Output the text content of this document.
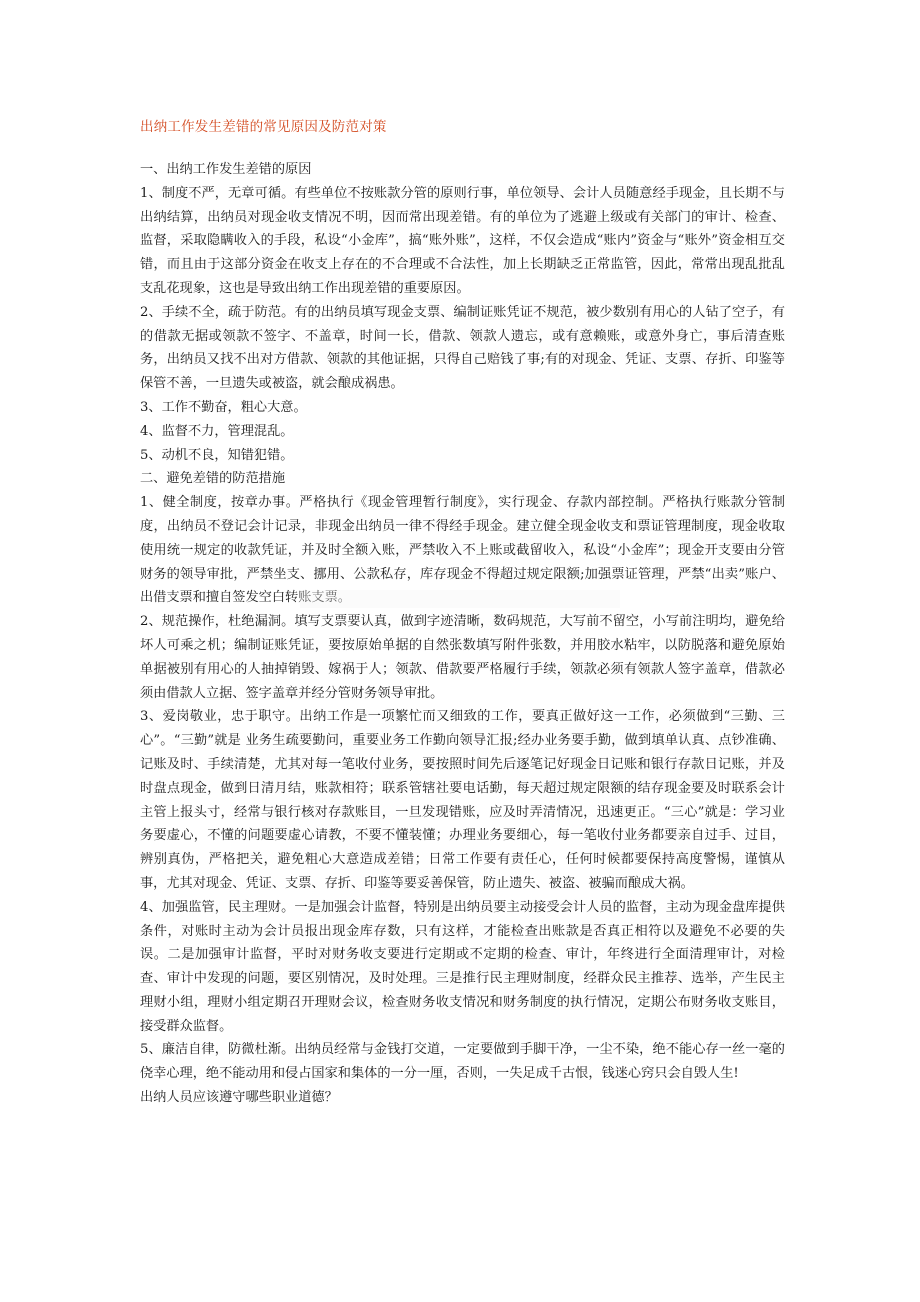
出纳工作发生差错的常见原因及防范对策

一、出纳工作发生差错的原因

1、制度不严，无章可循。有些单位不按账款分管的原则行事，单位领导、会计人员随意经手现金，且长期不与出纳结算，出纳员对现金收支情况不明，因而常出现差错。有的单位为了逃避上级或有关部门的审计、检查、监督，采取隐瞒收入的手段，私设“小金库”，搞“账外账”，这样，不仅会造成“账内”资金与“账外”资金相互交错，而且由于这部分资金在收支上存在的不合理或不合法性，加上长期缺乏正常监管，因此，常常出现乱批乱支乱花现象，这也是导致出纳工作出现差错的重要原因。

2、手续不全，疏于防范。有的出纳员填写现金支票、编制证账凭证不规范，被少数别有用心的人钻了空子，有的借款无据或领款不签字、不盖章，时间一长，借款、领款人遗忘，或有意赖账，或意外身亡，事后清查账务，出纳员又找不出对方借款、领款的其他证据，只得自己赔钱了事;有的对现金、凭证、支票、存折、印鉴等保管不善，一旦遗失或被盗，就会酿成祸患。

3、工作不勤奋，粗心大意。

4、监督不力，管理混乱。

5、动机不良，知错犯错。

二、避免差错的防范措施

1、健全制度，按章办事。严格执行《现金管理暂行制度》，实行现金、存款内部控制。严格执行账款分管制度，出纳员不登记会计记录，非现金出纳员一律不得经手现金。建立健全现金收支和票证管理制度，现金收取使用统一规定的收款凭证，并及时全额入账，严禁收入不上账或截留收入，私设“小金库”；现金开支要由分管财务的领导审批，严禁坐支、挪用、公款私存，库存现金不得超过规定限额;加强票证管理，严禁“出卖”账户、出借支票和擅自签发空白转账支票。

2、规范操作，杜绝漏洞。填写支票要认真，做到字迹清晰，数码规范，大写前不留空，小写前注明均，避免给坏人可乘之机；编制证账凭证，要按原始单据的自然张数填写附件张数，并用胶水粘牢，以防脱落和避免原始单据被别有用心的人抽掉销毁、嫁祸于人；领款、借款要严格履行手续，领款必须有领款人签字盖章，借款必须由借款人立据、签字盖章并经分管财务领导审批。

3、爱岗敬业，忠于职守。出纳工作是一项繁忙而又细致的工作，要真正做好这一工作，必须做到“三勤、三心”。“三勤”就是 业务生疏要勤问，重要业务工作勤向领导汇报;经办业务要手勤，做到填单认真、点钞准确、记账及时、手续清楚，尤其对每一笔收付业务，要按照时间先后逐笔记好现金日记账和银行存款日记账，并及时盘点现金，做到日清月结，账款相符；联系管辖社要电话勤，每天超过规定限额的结存现金要及时联系会计主管上报头寸，经常与银行核对存款账目，一旦发现错账，应及时弄清情况，迅速更正。“三心”就是：学习业务要虚心，不懂的问题要虚心请教，不要不懂装懂；办理业务要细心，每一笔收付业务都要亲自过手、过目，辨别真伪，严格把关，避免粗心大意造成差错；日常工作要有责任心，任何时候都要保持高度警惕，谨慎从事，尤其对现金、凭证、支票、存折、印鉴等要妥善保管，防止遗失、被盗、被骗而酿成大祸。

4、加强监管，民主理财。一是加强会计监督，特别是出纳员要主动接受会计人员的监督，主动为现金盘库提供条件，对账时主动为会计员报出现金库存数，只有这样，才能检查出账款是否真正相符以及避免不必要的失误。二是加强审计监督，平时对财务收支要进行定期或不定期的检查、审计，年终进行全面清理审计，对检查、审计中发现的问题，要区别情况，及时处理。三是推行民主理财制度，经群众民主推荐、选举，产生民主理财小组，理财小组定期召开理财会议，检查财务收支情况和财务制度的执行情况，定期公布财务收支账目，接受群众监督。

5、廉洁自律，防微杜渐。出纳员经常与金钱打交道，一定要做到手脚干净，一尘不染，绝不能心存一丝一毫的侥幸心理，绝不能动用和侵占国家和集体的一分一厘，否则，一失足成千古恨，钱迷心窍只会自毁人生!

出纳人员应该遵守哪些职业道德？
